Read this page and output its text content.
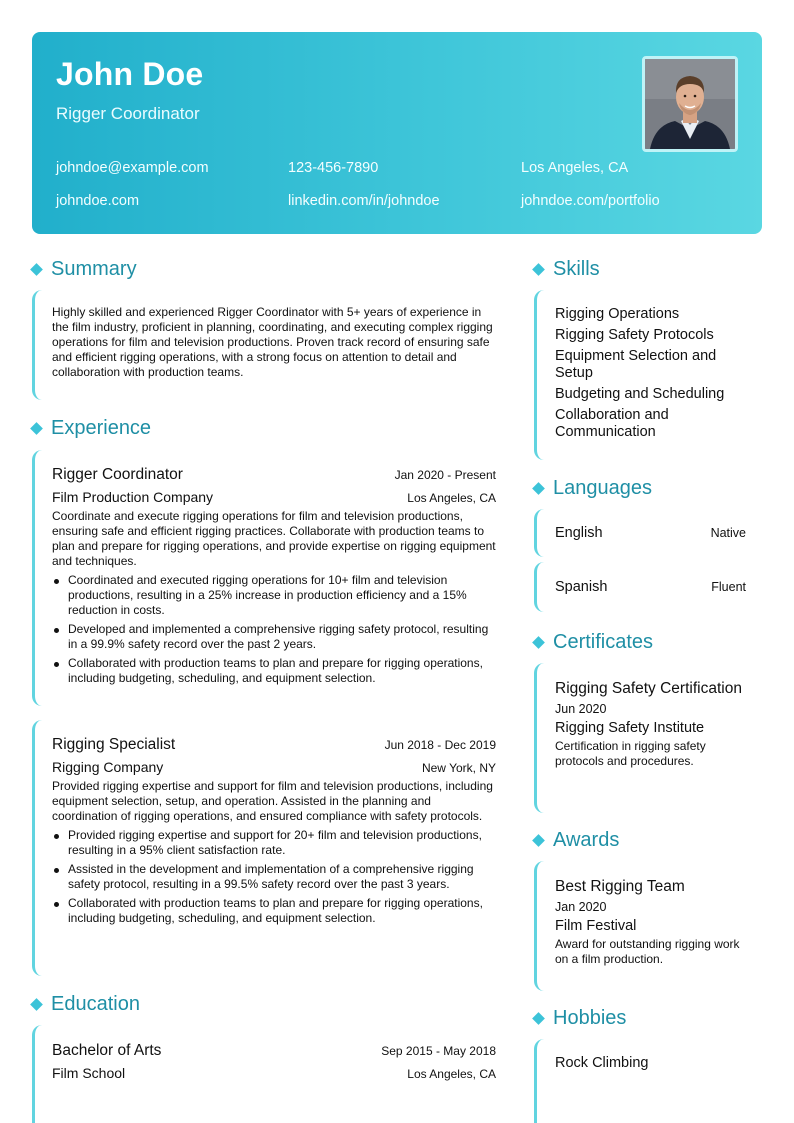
John Doe
Rigger Coordinator
johndoe@example.com	123-456-7890	Los Angeles, CA
johndoe.com	linkedin.com/in/johndoe	johndoe.com/portfolio
Summary
Highly skilled and experienced Rigger Coordinator with 5+ years of experience in the film industry, proficient in planning, coordinating, and executing complex rigging operations for film and television productions. Proven track record of ensuring safe and efficient rigging operations, with a strong focus on attention to detail and collaboration with production teams.
Experience
Rigger Coordinator	Jan 2020 - Present
Film Production Company	Los Angeles, CA
Coordinate and execute rigging operations for film and television productions, ensuring safe and efficient rigging practices. Collaborate with production teams to plan and prepare for rigging operations, and provide expertise on rigging equipment and techniques.
Coordinated and executed rigging operations for 10+ film and television productions, resulting in a 25% increase in production efficiency and a 15% reduction in costs.
Developed and implemented a comprehensive rigging safety protocol, resulting in a 99.9% safety record over the past 2 years.
Collaborated with production teams to plan and prepare for rigging operations, including budgeting, scheduling, and equipment selection.
Rigging Specialist	Jun 2018 - Dec 2019
Rigging Company	New York, NY
Provided rigging expertise and support for film and television productions, including equipment selection, setup, and operation. Assisted in the planning and coordination of rigging operations, and ensured compliance with safety protocols.
Provided rigging expertise and support for 20+ film and television productions, resulting in a 95% client satisfaction rate.
Assisted in the development and implementation of a comprehensive rigging safety protocol, resulting in a 99.5% safety record over the past 3 years.
Collaborated with production teams to plan and prepare for rigging operations, including budgeting, scheduling, and equipment selection.
Education
Bachelor of Arts	Sep 2015 - May 2018
Film School	Los Angeles, CA
Skills
Rigging Operations
Rigging Safety Protocols
Equipment Selection and Setup
Budgeting and Scheduling
Collaboration and Communication
Languages
English	Native
Spanish	Fluent
Certificates
Rigging Safety Certification
Jun 2020
Rigging Safety Institute
Certification in rigging safety protocols and procedures.
Awards
Best Rigging Team
Jan 2020
Film Festival
Award for outstanding rigging work on a film production.
Hobbies
Rock Climbing
